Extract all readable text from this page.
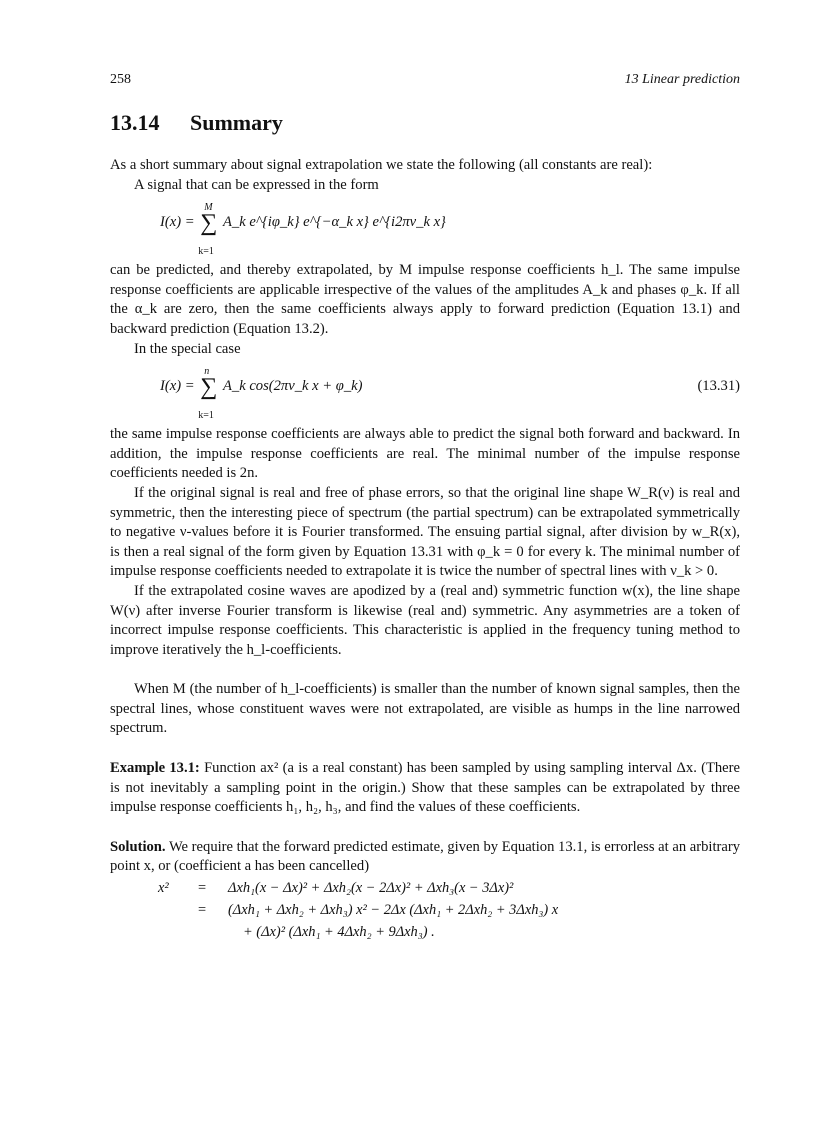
258	13 Linear prediction
13.14 Summary

As a short summary about signal extrapolation we state the following (all constants are real):

A signal that can be expressed in the form

I(x) = ∑
M
k=1
A_k e^{iφ_k} e^{−α_k x} e^{i2πν_k x}

can be predicted, and thereby extrapolated, by M impulse response coefficients h_l. The same impulse response coefficients are applicable irrespective of the values of the amplitudes A_k and phases φ_k. If all the α_k are zero, then the same coefficients always apply to forward prediction (Equation 13.1) and backward prediction (Equation 13.2).

In the special case

I(x) = ∑
n
k=1
A_k cos(2πν_k x + φ_k)	(13.31)

the same impulse response coefficients are always able to predict the signal both forward and backward. In addition, the impulse response coefficients are real. The minimal number of the impulse response coefficients needed is 2n.

If the original signal is real and free of phase errors, so that the original line shape W_R(ν) is real and symmetric, then the interesting piece of spectrum (the partial spectrum) can be extrapolated symmetrically to negative ν-values before it is Fourier transformed. The ensuing partial signal, after division by w_R(x), is then a real signal of the form given by Equation 13.31 with φ_k = 0 for every k. The minimal number of impulse response coefficients needed to extrapolate it is twice the number of spectral lines with ν_k > 0.

If the extrapolated cosine waves are apodized by a (real and) symmetric function w(x), the line shape W(ν) after inverse Fourier transform is likewise (real and) symmetric. Any asymmetries are a token of incorrect impulse response coefficients. This characteristic is applied in the frequency tuning method to improve iteratively the h_l-coefficients.

When M (the number of h_l-coefficients) is smaller than the number of known signal samples, then the spectral lines, whose constituent waves were not extrapolated, are visible as humps in the line narrowed spectrum.

Example 13.1: Function ax² (a is a real constant) has been sampled by using sampling interval Δx. (There is not inevitably a sampling point in the origin.) Show that these samples can be extrapolated by three impulse response coefficients h₁, h₂, h₃, and find the values of these coefficients.

Solution. We require that the forward predicted estimate, given by Equation 13.1, is errorless at an arbitrary point x, or (coefficient a has been cancelled)

x² = Δxh₁(x − Δx)² + Δxh₂(x − 2Δx)² + Δxh₃(x − 3Δx)²
= (Δxh₁ + Δxh₂ + Δxh₃) x² − 2Δx (Δxh₁ + 2Δxh₂ + 3Δxh₃) x
+ (Δx)² (Δxh₁ + 4Δxh₂ + 9Δxh₃) .
